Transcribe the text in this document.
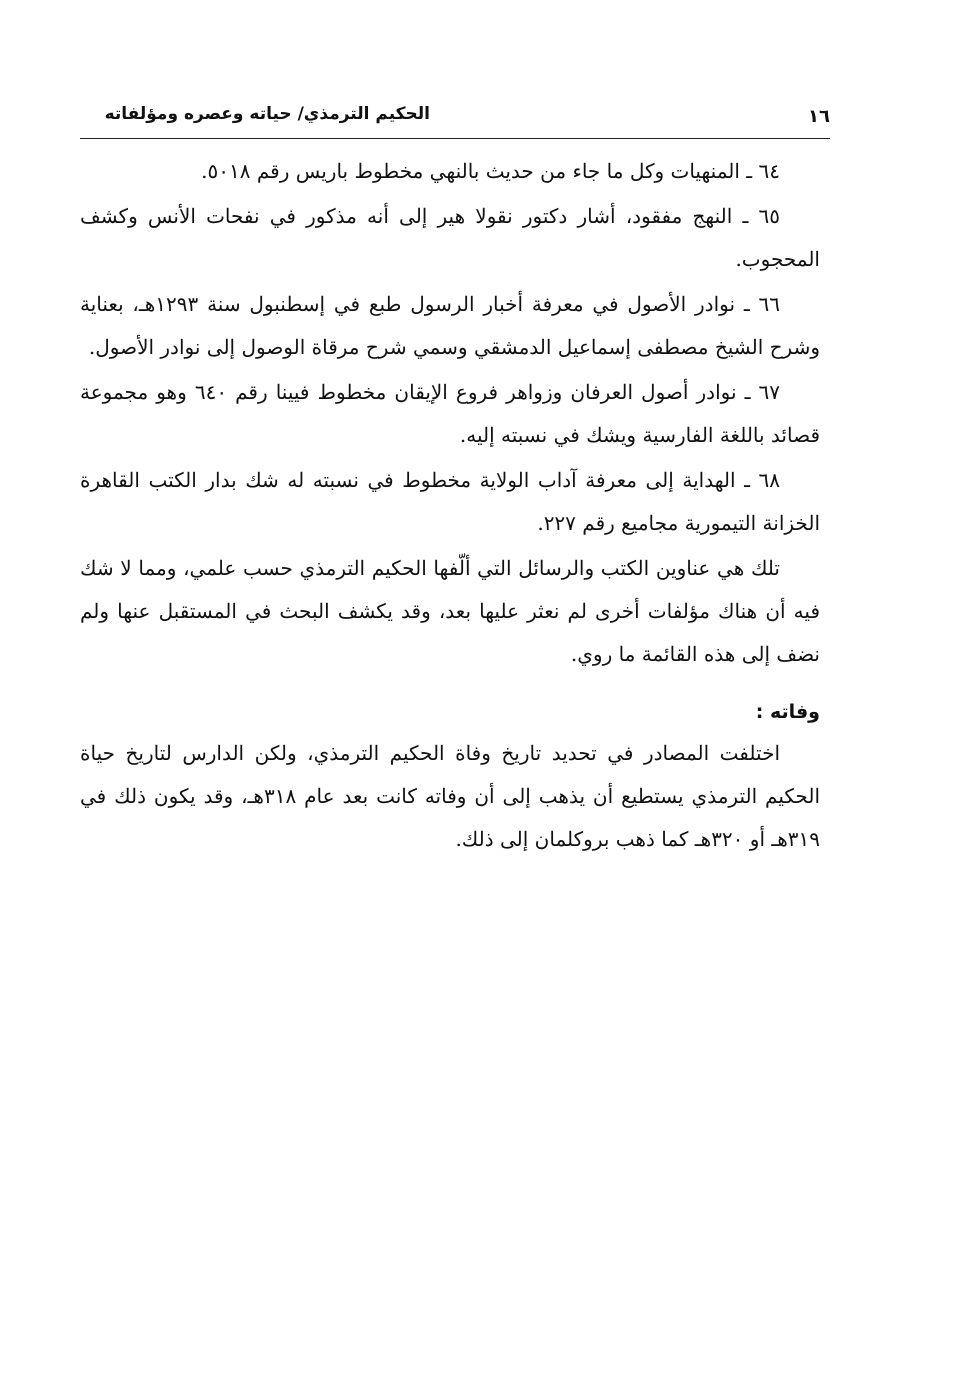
١٦
الحكيم الترمذي/ حياته وعصره ومؤلفاته

٦٤ ـ المنهيات وكل ما جاء من حديث بالنهي مخطوط باريس رقم ٥٠١٨.

٦٥ ـ النهج مفقود، أشار دكتور نقولا هير إلى أنه مذكور في نفحات الأنس وكشف المحجوب.

٦٦ ـ نوادر الأصول في معرفة أخبار الرسول طبع في إسطنبول سنة ١٢٩٣هـ، بعناية وشرح الشيخ مصطفى إسماعيل الدمشقي وسمي شرح مرقاة الوصول إلى نوادر الأصول.

٦٧ ـ نوادر أصول العرفان وزواهر فروع الإيقان مخطوط فيينا رقم ٦٤٠ وهو مجموعة قصائد باللغة الفارسية ويشك في نسبته إليه.

٦٨ ـ الهداية إلى معرفة آداب الولاية مخطوط في نسبته له شك بدار الكتب القاهرة الخزانة التيمورية مجاميع رقم ٢٢٧.

تلك هي عناوين الكتب والرسائل التي ألّفها الحكيم الترمذي حسب علمي، ومما لا شك فيه أن هناك مؤلفات أخرى لم نعثر عليها بعد، وقد يكشف البحث في المستقبل عنها ولم نضف إلى هذه القائمة ما روي.

وفاته :

اختلفت المصادر في تحديد تاريخ وفاة الحكيم الترمذي، ولكن الدارس لتاريخ حياة الحكيم الترمذي يستطيع أن يذهب إلى أن وفاته كانت بعد عام ٣١٨هـ، وقد يكون ذلك في ٣١٩هـ أو ٣٢٠هـ كما ذهب بروكلمان إلى ذلك.
